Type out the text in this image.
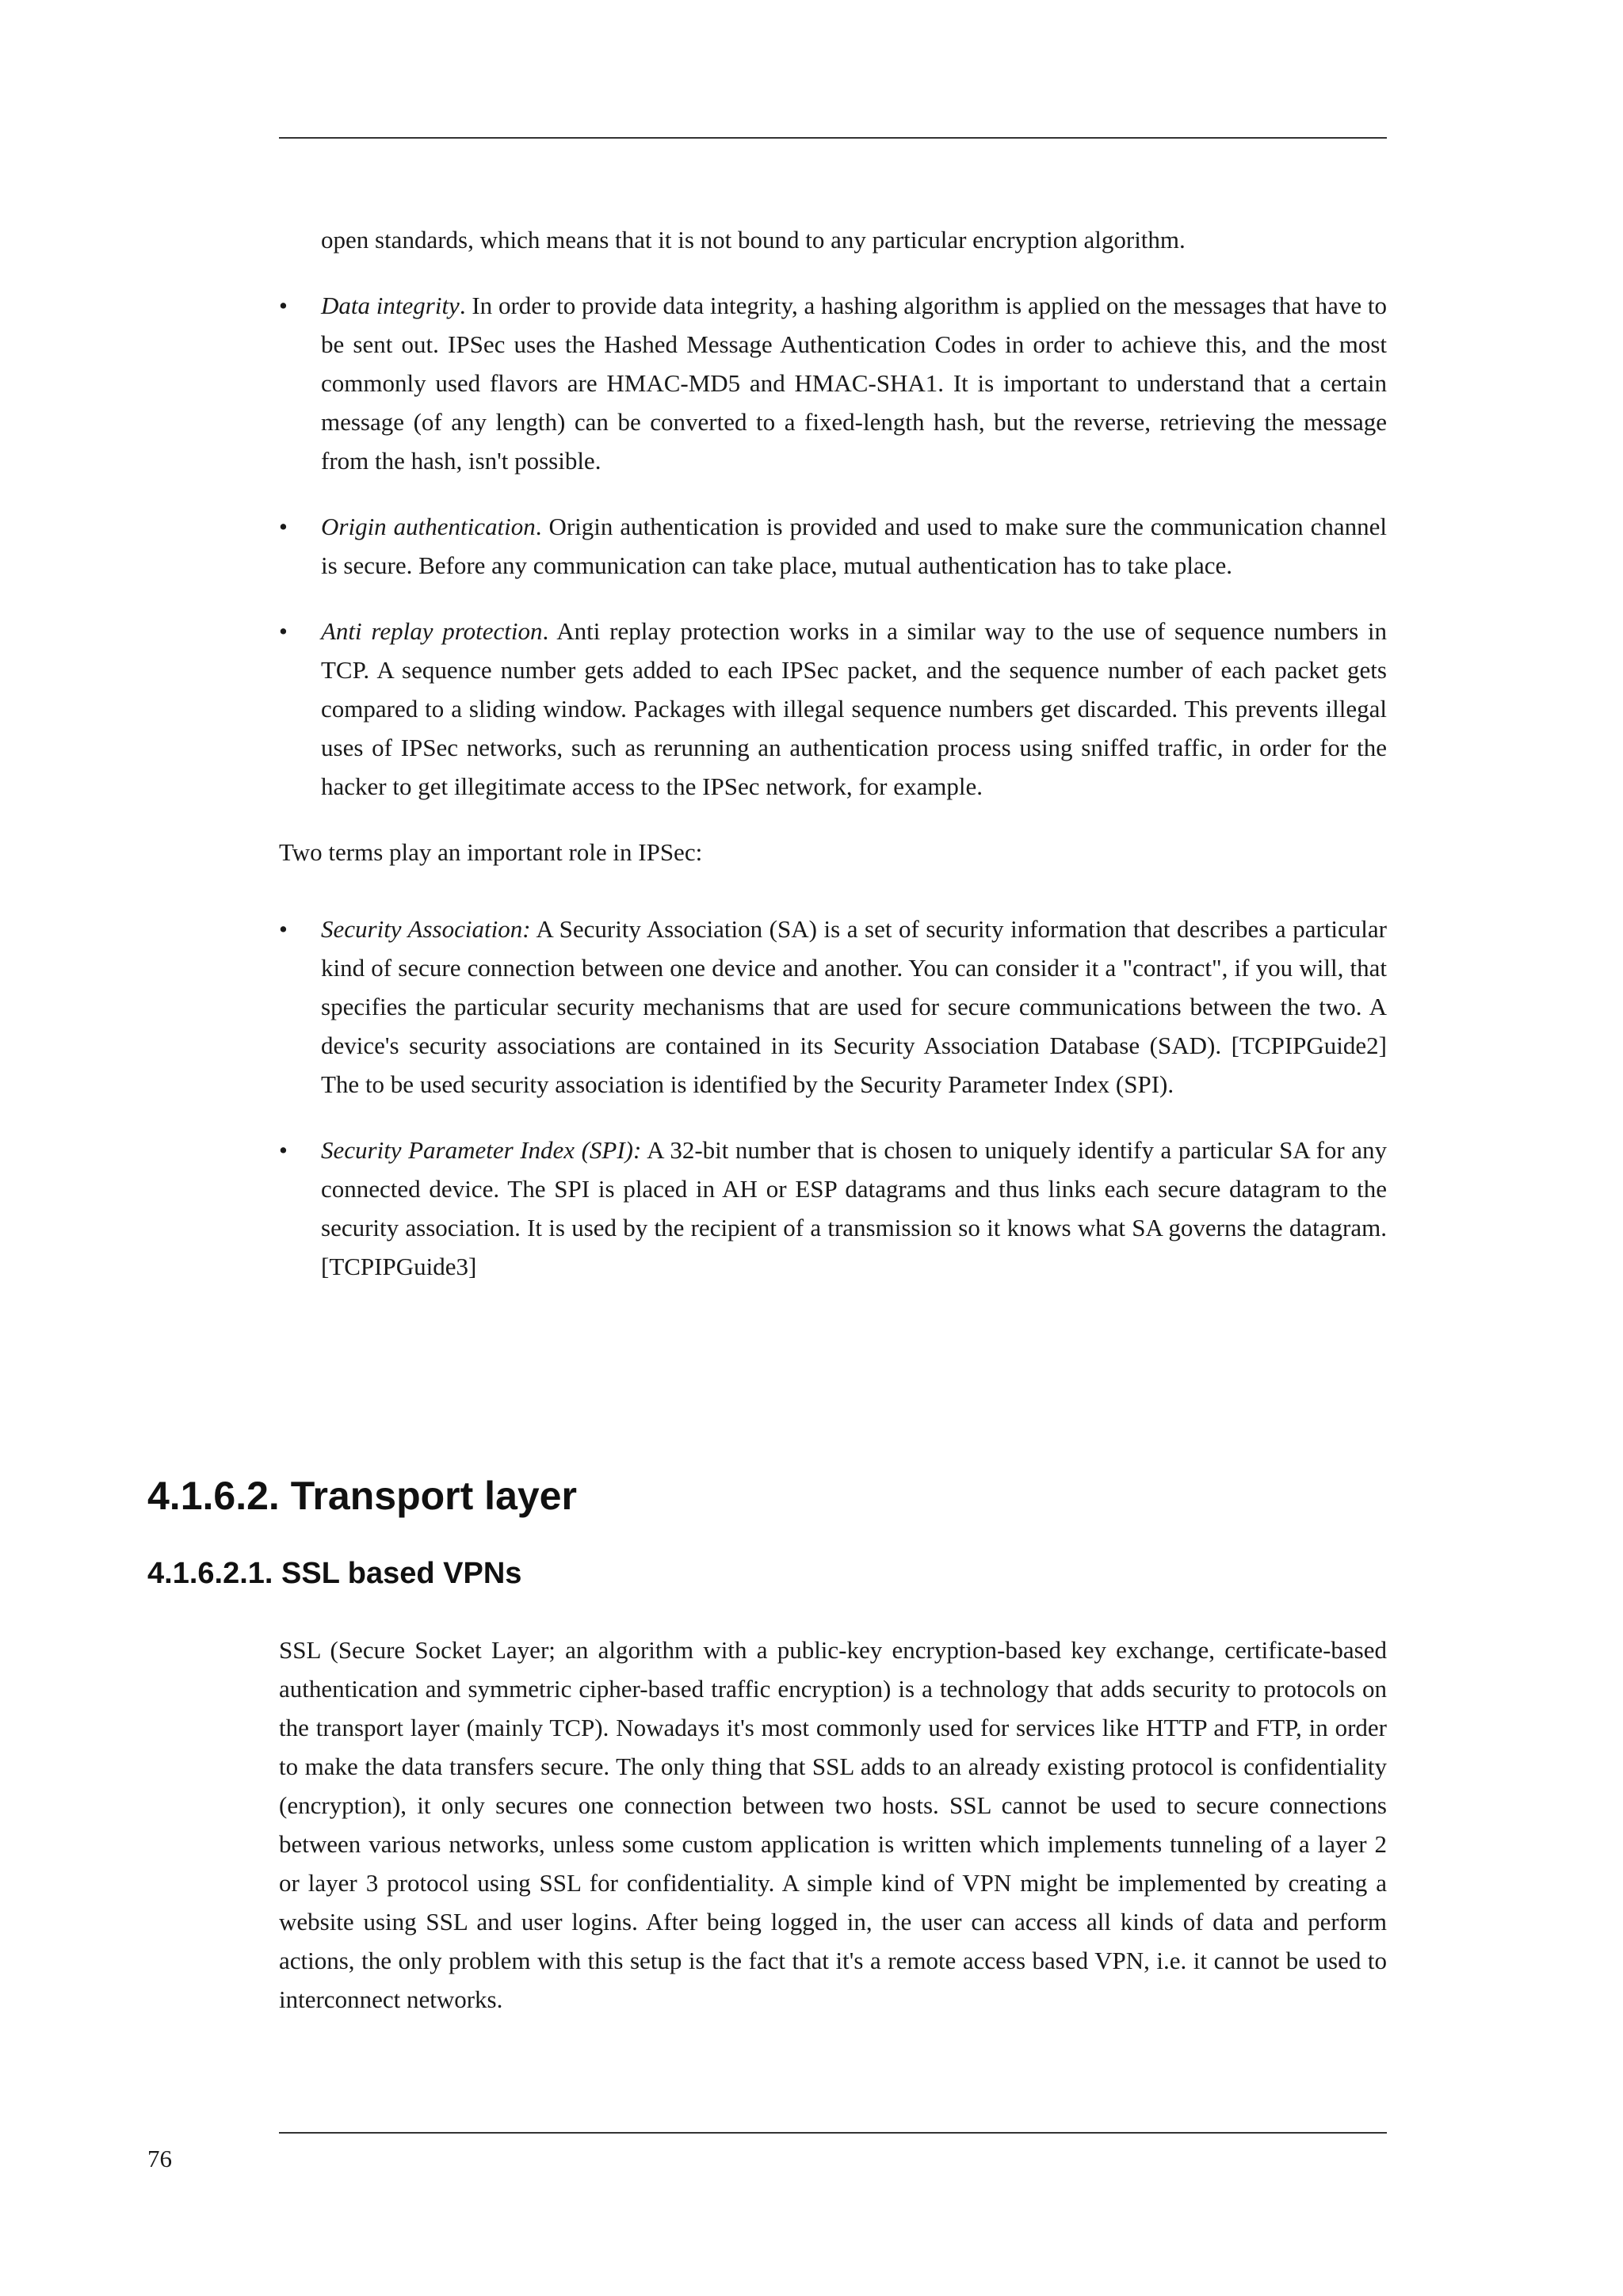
open standards, which means that it is not bound to any particular encryption algorithm.

• Data integrity. In order to provide data integrity, a hashing algorithm is applied on the messages that have to be sent out. IPSec uses the Hashed Message Authentication Codes in order to achieve this, and the most commonly used flavors are HMAC-MD5 and HMAC-SHA1. It is important to understand that a certain message (of any length) can be converted to a fixed-length hash, but the reverse, retrieving the message from the hash, isn't possible.
• Origin authentication. Origin authentication is provided and used to make sure the communication channel is secure. Before any communication can take place, mutual authentication has to take place.
• Anti replay protection. Anti replay protection works in a similar way to the use of sequence numbers in TCP. A sequence number gets added to each IPSec packet, and the sequence number of each packet gets compared to a sliding window. Packages with illegal sequence numbers get discarded. This prevents illegal uses of IPSec networks, such as rerunning an authentication process using sniffed traffic, in order for the hacker to get illegitimate access to the IPSec network, for example.

Two terms play an important role in IPSec:

• Security Association: A Security Association (SA) is a set of security information that describes a particular kind of secure connection between one device and another. You can consider it a "contract", if you will, that specifies the particular security mechanisms that are used for secure communications between the two. A device's security associations are contained in its Security Association Database (SAD). [TCPIPGuide2] The to be used security association is identified by the Security Parameter Index (SPI).
• Security Parameter Index (SPI): A 32-bit number that is chosen to uniquely identify a particular SA for any connected device. The SPI is placed in AH or ESP datagrams and thus links each secure datagram to the security association. It is used by the recipient of a transmission so it knows what SA governs the datagram. [TCPIPGuide3]
4.1.6.2. Transport layer
4.1.6.2.1. SSL based VPNs

SSL (Secure Socket Layer; an algorithm with a public-key encryption-based key exchange, certificate-based authentication and symmetric cipher-based traffic encryption) is a technology that adds security to protocols on the transport layer (mainly TCP). Nowadays it's most commonly used for services like HTTP and FTP, in order to make the data transfers secure. The only thing that SSL adds to an already existing protocol is confidentiality (encryption), it only secures one connection between two hosts. SSL cannot be used to secure connections between various networks, unless some custom application is written which implements tunneling of a layer 2 or layer 3 protocol using SSL for confidentiality. A simple kind of VPN might be implemented by creating a website using SSL and user logins. After being logged in, the user can access all kinds of data and perform actions, the only problem with this setup is the fact that it's a remote access based VPN, i.e. it cannot be used to interconnect networks.

76
